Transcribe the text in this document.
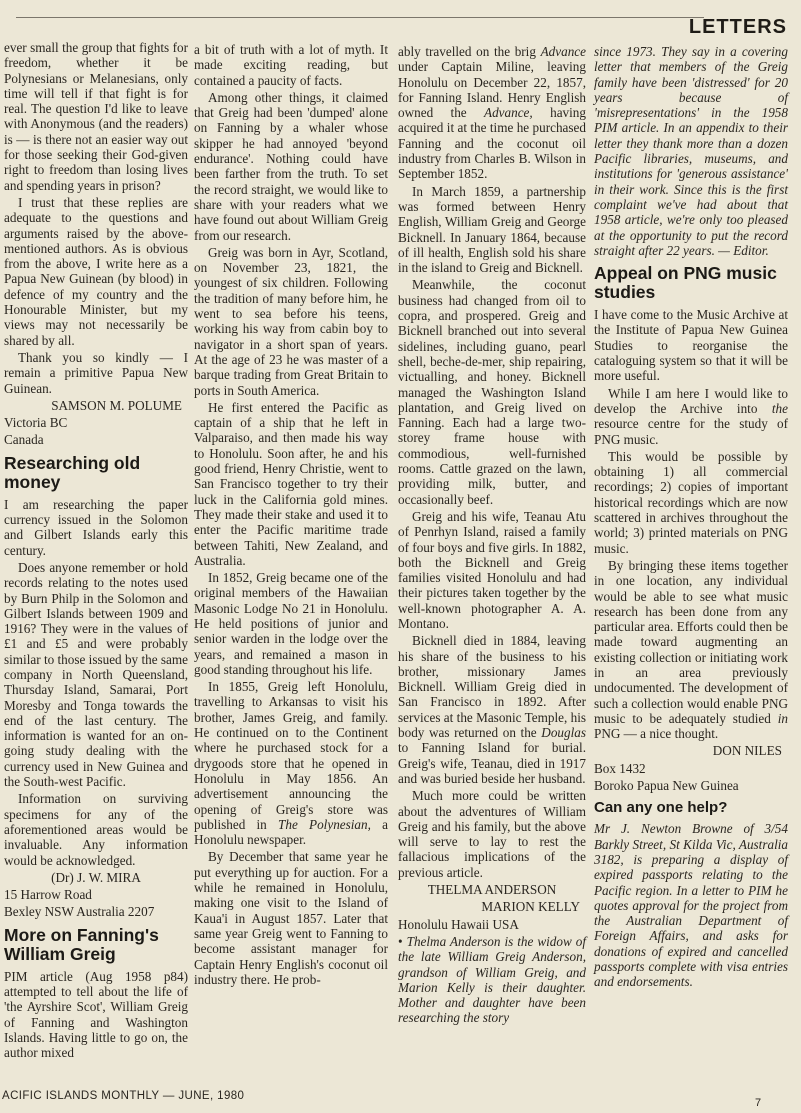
LETTERS

ever small the group that fights for freedom, whether it be Polynesians or Melanesians, only time will tell if that fight is for real. The question I'd like to leave with Anonymous (and the readers) is — is there not an easier way out for those seeking their God-given right to freedom than losing lives and spending years in prison?

I trust that these replies are adequate to the questions and arguments raised by the above-mentioned authors. As is obvious from the above, I write here as a Papua New Guinean (by blood) in defence of my country and the Honourable Minister, but my views may not necessarily be shared by all.

Thank you so kindly — I remain a primitive Papua New Guinean.

SAMSON M. POLUME

Victoria BC

Canada

Researching old money

I am researching the paper currency issued in the Solomon and Gilbert Islands early this century.

Does anyone remember or hold records relating to the notes used by Burn Philp in the Solomon and Gilbert Islands between 1909 and 1916? They were in the values of £1 and £5 and were probably similar to those issued by the same company in North Queensland, Thursday Island, Samarai, Port Moresby and Tonga towards the end of the last century. The information is wanted for an on-going study dealing with the currency used in New Guinea and the South-west Pacific.

Information on surviving specimens for any of the aforementioned areas would be invaluable. Any information would be acknowledged.

(Dr) J. W. MIRA

15 Harrow Road

Bexley NSW Australia 2207

More on Fanning's William Greig

PIM article (Aug 1958 p84) attempted to tell about the life of 'the Ayrshire Scot', William Greig of Fanning and Washington Islands. Having little to go on, the author mixed

a bit of truth with a lot of myth. It made exciting reading, but contained a paucity of facts.

Among other things, it claimed that Greig had been 'dumped' alone on Fanning by a whaler whose skipper he had annoyed 'beyond endurance'. Nothing could have been farther from the truth. To set the record straight, we would like to share with your readers what we have found out about William Greig from our research.

Greig was born in Ayr, Scotland, on November 23, 1821, the youngest of six children. Following the tradition of many before him, he went to sea before his teens, working his way from cabin boy to navigator in a short span of years. At the age of 23 he was master of a barque trading from Great Britain to ports in South America.

He first entered the Pacific as captain of a ship that he left in Valparaiso, and then made his way to Honolulu. Soon after, he and his good friend, Henry Christie, went to San Francisco together to try their luck in the California gold mines. They made their stake and used it to enter the Pacific maritime trade between Tahiti, New Zealand, and Australia.

In 1852, Greig became one of the original members of the Hawaiian Masonic Lodge No 21 in Honolulu. He held positions of junior and senior warden in the lodge over the years, and remained a mason in good standing throughout his life.

In 1855, Greig left Honolulu, travelling to Arkansas to visit his brother, James Greig, and family. He continued on to the Continent where he purchased stock for a drygoods store that he opened in Honolulu in May 1856. An advertisement announcing the opening of Greig's store was published in The Polynesian, a Honolulu newspaper.

By December that same year he put everything up for auction. For a while he remained in Honolulu, making one visit to the Island of Kaua'i in August 1857. Later that same year Greig went to Fanning to become assistant manager for Captain Henry English's coconut oil industry there. He prob-

ably travelled on the brig Advance under Captain Miline, leaving Honolulu on December 22, 1857, for Fanning Island. Henry English owned the Advance, having acquired it at the time he purchased Fanning and the coconut oil industry from Charles B. Wilson in September 1852.

In March 1859, a partnership was formed between Henry English, William Greig and George Bicknell. In January 1864, because of ill health, English sold his share in the island to Greig and Bicknell.

Meanwhile, the coconut business had changed from oil to copra, and prospered. Greig and Bicknell branched out into several sidelines, including guano, pearl shell, beche-de-mer, ship repairing, victualling, and honey. Bicknell managed the Washington Island plantation, and Greig lived on Fanning. Each had a large two-storey frame house with commodious, well-furnished rooms. Cattle grazed on the lawn, providing milk, butter, and occasionally beef.

Greig and his wife, Teanau Atu of Penrhyn Island, raised a family of four boys and five girls. In 1882, both the Bicknell and Greig families visited Honolulu and had their pictures taken together by the well-known photographer A. A. Montano.

Bicknell died in 1884, leaving his share of the business to his brother, missionary James Bicknell. William Greig died in San Francisco in 1892. After services at the Masonic Temple, his body was returned on the Douglas to Fanning Island for burial. Greig's wife, Teanau, died in 1917 and was buried beside her husband.

Much more could be written about the adventures of William Greig and his family, but the above will serve to lay to rest the fallacious implications of the previous article.

THELMA ANDERSON

MARION KELLY

Honolulu Hawaii USA

• Thelma Anderson is the widow of the late William Greig Anderson, grandson of William Greig, and Marion Kelly is their daughter. Mother and daughter have been researching the story

since 1973. They say in a covering letter that members of the Greig family have been 'distressed' for 20 years because of 'misrepresentations' in the 1958 PIM article. In an appendix to their letter they thank more than a dozen Pacific libraries, museums, and institutions for 'generous assistance' in their work. Since this is the first complaint we've had about that 1958 article, we're only too pleased at the opportunity to put the record straight after 22 years. — Editor.

Appeal on PNG music studies

I have come to the Music Archive at the Institute of Papua New Guinea Studies to reorganise the cataloguing system so that it will be more useful.

While I am here I would like to develop the Archive into the resource centre for the study of PNG music.

This would be possible by obtaining 1) all commercial recordings; 2) copies of important historical recordings which are now scattered in archives throughout the world; 3) printed materials on PNG music.

By bringing these items together in one location, any individual would be able to see what music research has been done from any particular area. Efforts could then be made toward augmenting an existing collection or initiating work in an area previously undocumented. The development of such a collection would enable PNG music to be adequately studied in PNG — a nice thought.

DON NILES

Box 1432

Boroko Papua New Guinea

Can any one help?

Mr J. Newton Browne of 3/54 Barkly Street, St Kilda Vic, Australia 3182, is preparing a display of expired passports relating to the Pacific region. In a letter to PIM he quotes approval for the project from the Australian Department of Foreign Affairs, and asks for donations of expired and cancelled passports complete with visa entries and endorsements.

ACIFIC ISLANDS MONTHLY — JUNE, 1980
7
